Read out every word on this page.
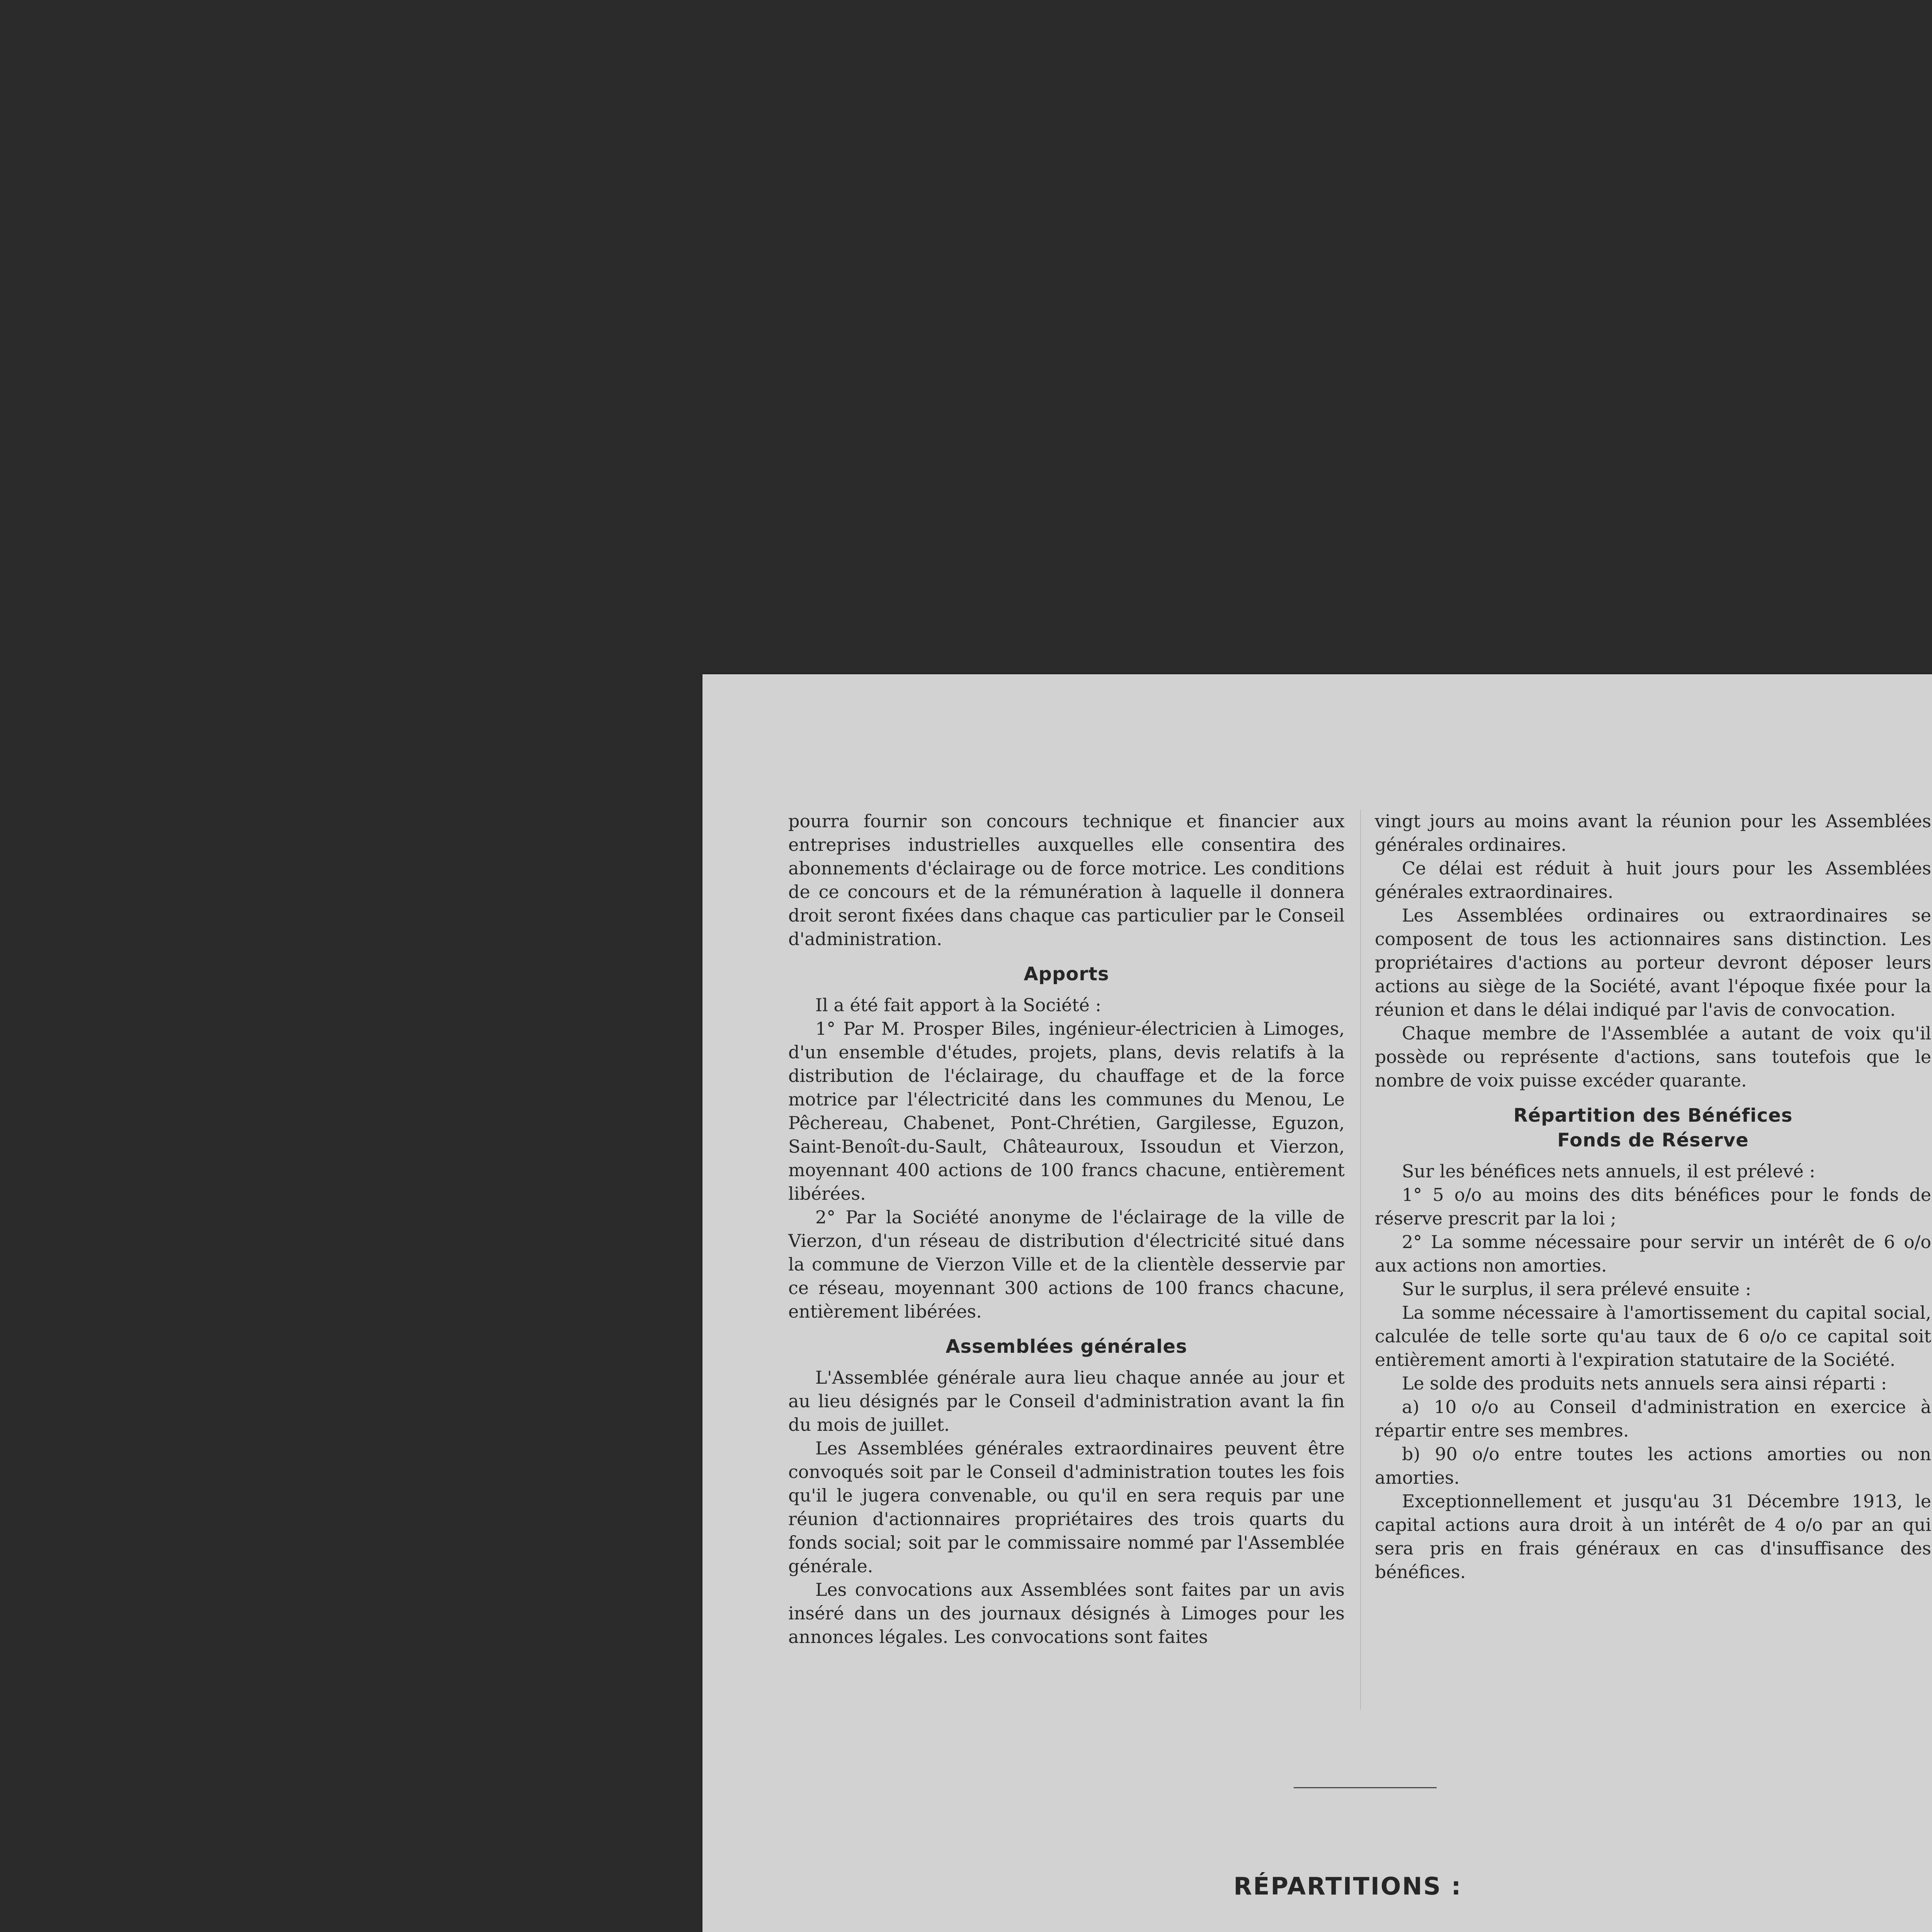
pourra fournir son concours technique et financier aux entreprises industrielles auxquelles elle consentira des abonnements d'éclairage ou de force motrice. Les conditions de ce concours et de la rémunération à laquelle il donnera droit seront fixées dans chaque cas particulier par le Conseil d'administration.

Apports

Il a été fait apport à la Société :

1° Par M. Prosper Biles, ingénieur-électricien à Limoges, d'un ensemble d'études, projets, plans, devis relatifs à la distribution de l'éclairage, du chauffage et de la force motrice par l'électricité dans les communes du Menou, Le Pêchereau, Chabenet, Pont-Chrétien, Gargilesse, Eguzon, Saint-Benoît-du-Sault, Châteauroux, Issoudun et Vierzon, moyennant 400 actions de 100 francs chacune, entièrement libérées.

2° Par la Société anonyme de l'éclairage de la ville de Vierzon, d'un réseau de distribution d'électricité situé dans la commune de Vierzon Ville et de la clientèle desservie par ce réseau, moyennant 300 actions de 100 francs chacune, entièrement libérées.

Assemblées générales

L'Assemblée générale aura lieu chaque année au jour et au lieu désignés par le Conseil d'administration avant la fin du mois de juillet.

Les Assemblées générales extraordinaires peuvent être convoqués soit par le Conseil d'administration toutes les fois qu'il le jugera convenable, ou qu'il en sera requis par une réunion d'actionnaires propriétaires des trois quarts du fonds social; soit par le commissaire nommé par l'Assemblée générale.

Les convocations aux Assemblées sont faites par un avis inséré dans un des journaux désignés à Limoges pour les annonces légales. Les convocations sont faites

vingt jours au moins avant la réunion pour les Assemblées générales ordinaires.

Ce délai est réduit à huit jours pour les Assemblées générales extraordinaires.

Les Assemblées ordinaires ou extraordinaires se composent de tous les actionnaires sans distinction. Les propriétaires d'actions au porteur devront déposer leurs actions au siège de la Société, avant l'époque fixée pour la réunion et dans le délai indiqué par l'avis de convocation.

Chaque membre de l'Assemblée a autant de voix qu'il possède ou représente d'actions, sans toutefois que le nombre de voix puisse excéder quarante.

Répartition des Bénéfices
Fonds de Réserve

Sur les bénéfices nets annuels, il est prélevé :

1° 5 o/o au moins des dits bénéfices pour le fonds de réserve prescrit par la loi ;

2° La somme nécessaire pour servir un intérêt de 6 o/o aux actions non amorties.

Sur le surplus, il sera prélevé ensuite :

La somme nécessaire à l'amortissement du capital social, calculée de telle sorte qu'au taux de 6 o/o ce capital soit entièrement amorti à l'expiration statutaire de la Société.

Le solde des produits nets annuels sera ainsi réparti :

a) 10 o/o au Conseil d'administration en exercice à répartir entre ses membres.

b) 90 o/o entre toutes les actions amorties ou non amorties.

Exceptionnellement et jusqu'au 31 Décembre 1913, le capital actions aura droit à un intérêt de 4 o/o par an qui sera pris en frais généraux en cas d'insuffisance des bénéfices.

RÉPARTITIONS :
